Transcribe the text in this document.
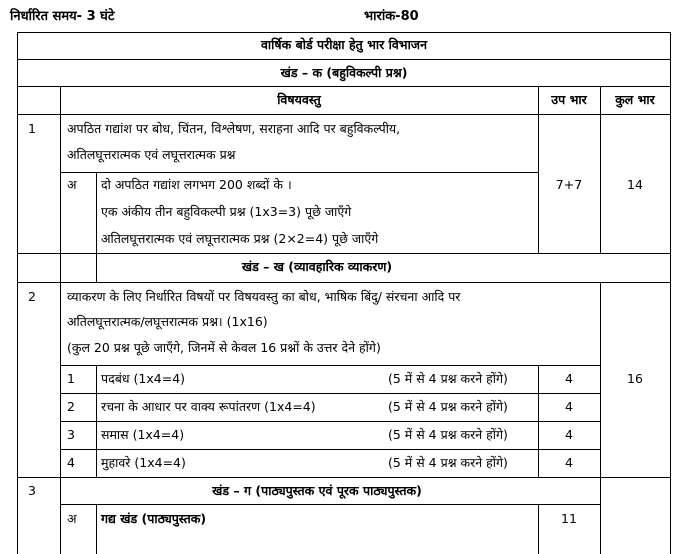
निर्धारित समय- 3 घंटे	भारांक-80
वार्षिक बोर्ड परीक्षा हेतु भार विभाजन
खंड – क (बहुविकल्पी प्रश्न)
विषयवस्तु	उप भार	कुल भार
1 अपठित गद्यांश पर बोध, चिंतन, विश्लेषण, सराहना आदि पर बहुविकल्पीय,
अतिलघूत्तरात्मक एवं लघूत्तरात्मक प्रश्न
अ दो अपठित गद्यांश लगभग 200 शब्दों के ।
एक अंकीय तीन बहुविकल्पी प्रश्न (1x3=3) पूछे जाएँगे
अतिलघूत्तरात्मक एवं लघूत्तरात्मक प्रश्न (2×2=4) पूछे जाएँगे
7+7	14
खंड – ख (व्यावहारिक व्याकरण)
2 व्याकरण के लिए निर्धारित विषयों पर विषयवस्तु का बोध, भाषिक बिंदु/ संरचना आदि पर
अतिलघूत्तरात्मक/लघूत्तरात्मक प्रश्न। (1x16)
(कुल 20 प्रश्न पूछे जाएँगे, जिनमें से केवल 16 प्रश्नों के उत्तर देने होंगे)
16
1 पदबंध (1x4=4)	(5 में से 4 प्रश्न करने होंगे)	4
2 रचना के आधार पर वाक्य रूपांतरण (1x4=4)	(5 में से 4 प्रश्न करने होंगे)	4
3 समास (1x4=4)	(5 में से 4 प्रश्न करने होंगे)	4
4 मुहावरे (1x4=4)	(5 में से 4 प्रश्न करने होंगे)	4
3	खंड – ग (पाठ्यपुस्तक एवं पूरक पाठ्यपुस्तक)
अ गद्य खंड (पाठ्यपुस्तक)	11
